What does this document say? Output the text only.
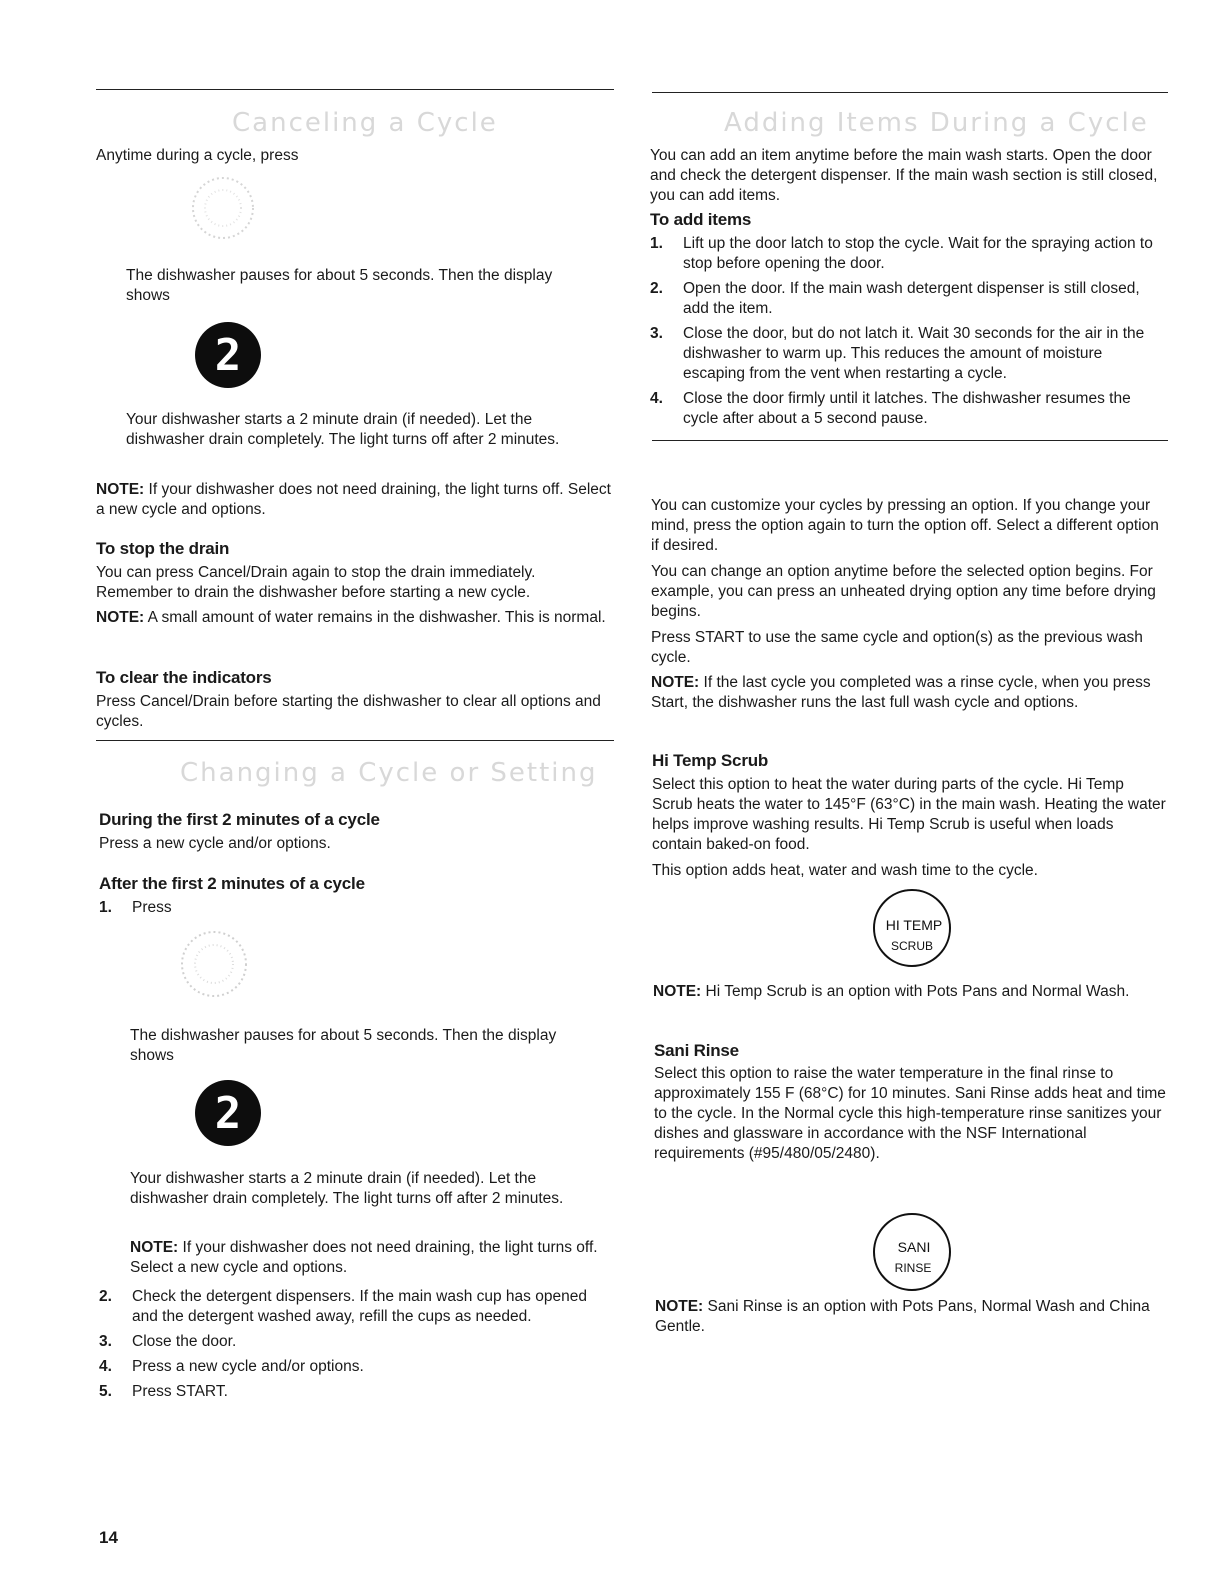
Canceling a Cycle

Anytime during a cycle, press

The dishwasher pauses for about 5 seconds. Then the display shows

2

Your dishwasher starts a 2 minute drain (if needed). Let the dishwasher drain completely. The light turns off after 2 minutes.

NOTE: If your dishwasher does not need draining, the light turns off. Select a new cycle and options.

To stop the drain

You can press Cancel/Drain again to stop the drain immediately. Remember to drain the dishwasher before starting a new cycle.

NOTE: A small amount of water remains in the dishwasher. This is normal.

To clear the indicators

Press Cancel/Drain before starting the dishwasher to clear all options and cycles.

Changing a Cycle or Setting
During the first 2 minutes of a cycle

Press a new cycle and/or options.

After the first 2 minutes of a cycle
1. Press

The dishwasher pauses for about 5 seconds. Then the display shows

2

Your dishwasher starts a 2 minute drain (if needed). Let the dishwasher drain completely. The light turns off after 2 minutes.

NOTE: If your dishwasher does not need draining, the light turns off. Select a new cycle and options.

2. Check the detergent dispensers. If the main wash cup has opened and the detergent washed away, refill the cups as needed.
3. Close the door.
4. Press a new cycle and/or options.
5. Press START.
Adding Items During a Cycle

You can add an item anytime before the main wash starts. Open the door and check the detergent dispenser. If the main wash section is still closed, you can add items.

To add items
1. Lift up the door latch to stop the cycle. Wait for the spraying action to stop before opening the door.
2. Open the door. If the main wash detergent dispenser is still closed, add the item.
3. Close the door, but do not latch it. Wait 30 seconds for the air in the dishwasher to warm up. This reduces the amount of moisture escaping from the vent when restarting a cycle.
4. Close the door firmly until it latches. The dishwasher resumes the cycle after about a 5 second pause.

You can customize your cycles by pressing an option. If you change your mind, press the option again to turn the option off. Select a different option if desired.

You can change an option anytime before the selected option begins. For example, you can press an unheated drying option any time before drying begins.

Press START to use the same cycle and option(s) as the previous wash cycle.

NOTE: If the last cycle you completed was a rinse cycle, when you press Start, the dishwasher runs the last full wash cycle and options.

Hi Temp Scrub

Select this option to heat the water during parts of the cycle. Hi Temp Scrub heats the water to 145°F (63°C) in the main wash. Heating the water helps improve washing results. Hi Temp Scrub is useful when loads contain baked-on food.

This option adds heat, water and wash time to the cycle.

HI TEMP
SCRUB

NOTE: Hi Temp Scrub is an option with Pots Pans and Normal Wash.

Sani Rinse

Select this option to raise the water temperature in the final rinse to approximately 155 F (68°C) for 10 minutes. Sani Rinse adds heat and time to the cycle. In the Normal cycle this high-temperature rinse sanitizes your dishes and glassware in accordance with the NSF International requirements (#95/480/05/2480).

SANI
RINSE

NOTE: Sani Rinse is an option with Pots Pans, Normal Wash and China Gentle.

14
